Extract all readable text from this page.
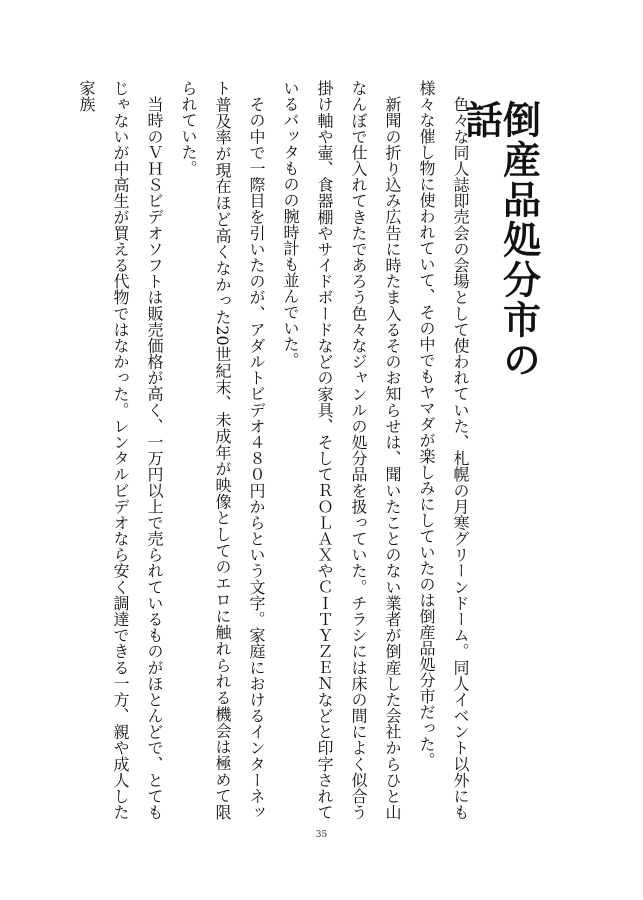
倒産品処分市の話

色々な同人誌即売会の会場として使われていた、札幌の月寒グリーンドーム。同人イベント以外にも様々な催し物に使われていて、その中でもヤマダが楽しみにしていたのは倒産品処分市だった。

新聞の折り込み広告に時たま入るそのお知らせは、聞いたことのない業者が倒産した会社からひと山なんぼで仕入れてきたであろう色々なジャンルの処分品を扱っていた。チラシには床の間によく似合う掛け軸や壷、食器棚やサイドボードなどの家具、そしてＲＯＬＡＸやＣＩＴＹＺＥＮなどと印字されているバッタものの腕時計も並んでいた。

その中で一際目を引いたのが、アダルトビデオ４８０円からという文字。家庭におけるインターネット普及率が現在ほど高くなかった20世紀末、未成年が映像としてのエロに触れられる機会は極めて限られていた。

当時のＶＨＳビデオソフトは販売価格が高く、一万円以上で売られているものがほとんどで、とてもじゃないが中高生が買える代物ではなかった。レンタルビデオなら安く調達できる一方、親や成人した家族

35
